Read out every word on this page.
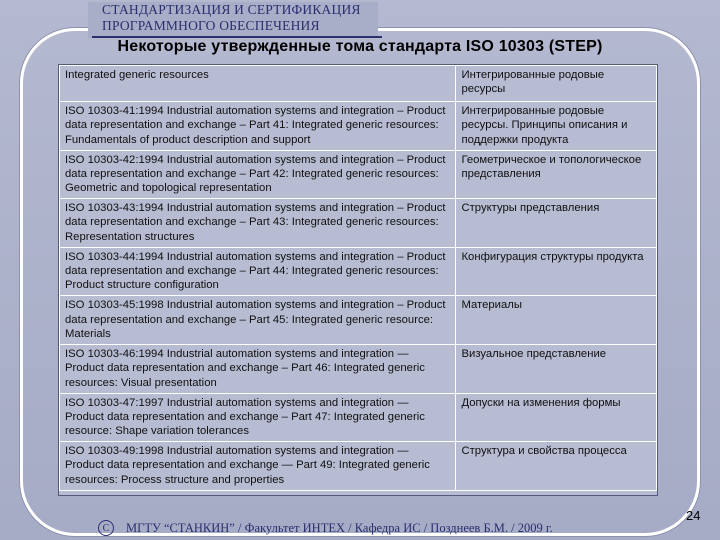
СТАНДАРТИЗАЦИЯ И СЕРТИФИКАЦИЯ
ПРОГРАММНОГО ОБЕСПЕЧЕНИЯ
Некоторые утвержденные тома стандарта ISO 10303 (STEP)
Integrated generic resources	Интегрированные родовые ресурсы
ISO 10303-41:1994 Industrial automation systems and integration – Product data representation and exchange – Part 41: Integrated generic resources: Fundamentals of product description and support	Интегрированные родовые ресурсы. Принципы описания и поддержки продукта
ISO 10303-42:1994 Industrial automation systems and integration – Product data representation and exchange – Part 42: Integrated generic resources: Geometric and topological representation	Геометрическое и топологическое представления
ISO 10303-43:1994 Industrial automation systems and integration – Product data representation and exchange – Part 43: Integrated generic resources: Representation structures	Структуры представления
ISO 10303-44:1994 Industrial automation systems and integration – Product data representation and exchange – Part 44: Integrated generic resources: Product structure configuration	Конфигурация структуры продукта
ISO 10303-45:1998 Industrial automation systems and integration – Product data representation and exchange – Part 45: Integrated generic resource: Materials	Материалы
ISO 10303-46:1994 Industrial automation systems and integration — Product data representation and exchange – Part 46: Integrated generic resources: Visual presentation	Визуальное представление
ISO 10303-47:1997 Industrial automation systems and integration — Product data representation and exchange – Part 47: Integrated generic resource: Shape variation tolerances	Допуски на изменения формы
ISO 10303-49:1998 Industrial automation systems and integration — Product data representation and exchange — Part 49: Integrated generic resources: Process structure and properties	Структура и свойства процесса
C	МГТУ “СТАНКИН” / Факультет ИНТЕХ / Кафедра ИС / Позднеев Б.М. / 2009 г.
24
